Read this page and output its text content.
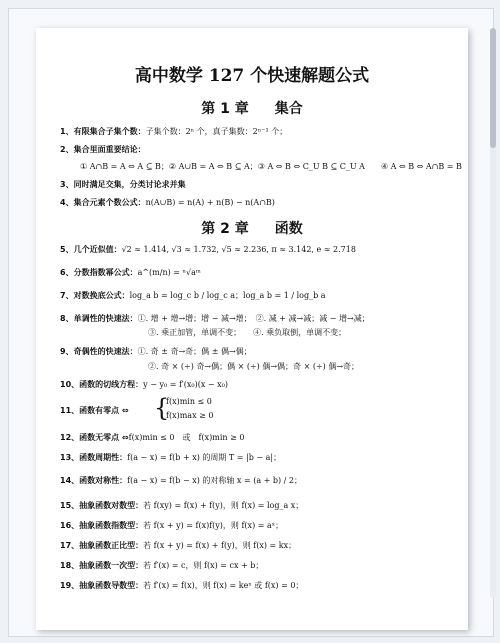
高中数学 127 个快速解题公式
第 1 章 集合
1、有限集合子集个数：子集个数：2ⁿ 个，真子集数：2ⁿ⁻¹ 个；
2、集合里面重要结论：
① A∩B = A ⇔ A ⊆ B；② A∪B = A ⇔ B ⊆ A；③ A ⇔ B ⇔ C_U B ⊆ C_U A　　④ A ⇔ B ⇔ A∩B = B
3、同时满足交集，分类讨论求并集
4、集合元素个数公式：n(A∪B) = n(A) + n(B) − n(A∩B)
第 2 章 函数
5、几个近似值：√2 ≈ 1.414, √3 ≈ 1.732, √5 ≈ 2.236, π ≈ 3.142, e ≈ 2.718
6、分数指数幂公式：a^(m/n) = ⁿ√aᵐ
7、对数换底公式：log_a b = log_c b / log_c a；log_a b = 1 / log_b a
8、单调性的快速法：①. 增 + 增→增；增 − 减→增；　②. 减 + 减→减；减 − 增→减；
③. 乘正加管，单调不变；　　④. 乘负取倒，单调不变；
9、奇偶性的快速法：①. 奇 ± 奇→奇；偶 ± 偶→偶；
②. 奇 × (÷) 奇→偶；偶 × (÷) 偶→偶；奇 × (÷) 偶→奇；
10、函数的切线方程：y − y₀ = f′(x₀)(x − x₀)
11、函数有零点 ⇔	{
f(x)min ≤ 0
f(x)max ≥ 0
12、函数无零点 ⇔f(x)min ≤ 0　或　f(x)min ≥ 0
13、函数周期性：f(a − x) = f(b + x) 的周期 T = |b − a|；
14、函数对称性：f(a − x) = f(b − x) 的对称轴 x = (a + b) / 2；
15、抽象函数对数型：若 f(xy) = f(x) + f(y)，则 f(x) = log_a x；
16、抽象函数指数型：若 f(x + y) = f(x)f(y)，则 f(x) = aˣ；
17、抽象函数正比型：若 f(x + y) = f(x) + f(y)，则 f(x) = kx；
18、抽象函数一次型：若 f′(x) = c，则 f(x) = cx + b；
19、抽象函数导数型：若 f′(x) = f(x)，则 f(x) = keˣ 或 f(x) = 0；
